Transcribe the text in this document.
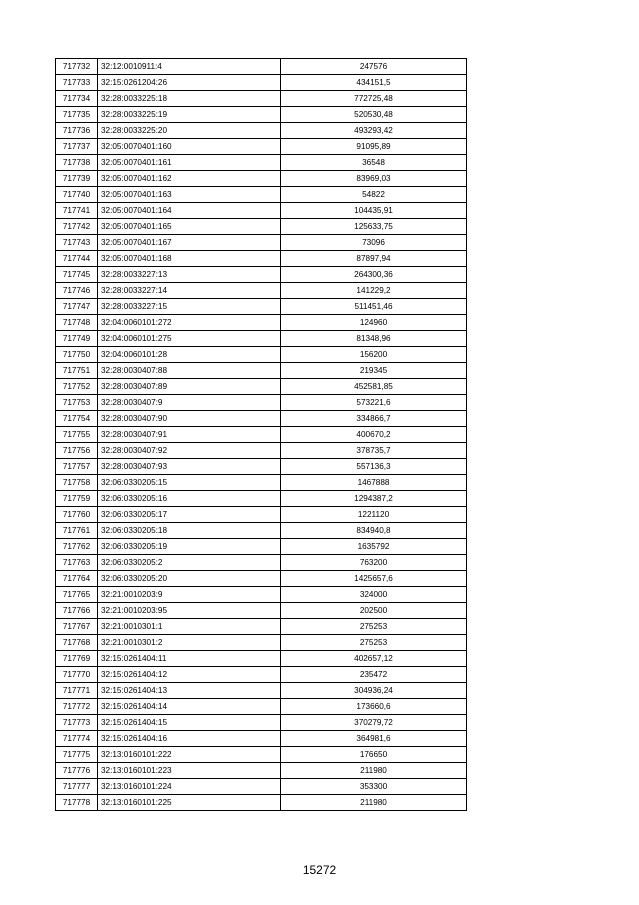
717732	32:12:0010911:4	247576
717733	32:15:0261204:26	434151,5
717734	32:28:0033225:18	772725,48
717735	32:28:0033225:19	520530,48
717736	32:28:0033225:20	493293,42
717737	32:05:0070401:160	91095,89
717738	32:05:0070401:161	36548
717739	32:05:0070401:162	83969,03
717740	32:05:0070401:163	54822
717741	32:05:0070401:164	104435,91
717742	32:05:0070401:165	125633,75
717743	32:05:0070401:167	73096
717744	32:05:0070401:168	87897,94
717745	32:28:0033227:13	264300,36
717746	32:28:0033227:14	141229,2
717747	32:28:0033227:15	511451,46
717748	32:04:0060101:272	124960
717749	32:04:0060101:275	81348,96
717750	32:04:0060101:28	156200
717751	32:28:0030407:88	219345
717752	32:28:0030407:89	452581,85
717753	32:28:0030407:9	573221,6
717754	32:28:0030407:90	334866,7
717755	32:28:0030407:91	400670,2
717756	32:28:0030407:92	378735,7
717757	32:28:0030407:93	557136,3
717758	32:06:0330205:15	1467888
717759	32:06:0330205:16	1294387,2
717760	32:06:0330205:17	1221120
717761	32:06:0330205:18	834940,8
717762	32:06:0330205:19	1635792
717763	32:06:0330205:2	763200
717764	32:06:0330205:20	1425657,6
717765	32:21:0010203:9	324000
717766	32:21:0010203:95	202500
717767	32:21:0010301:1	275253
717768	32:21:0010301:2	275253
717769	32:15:0261404:11	402657,12
717770	32:15:0261404:12	235472
717771	32:15:0261404:13	304936,24
717772	32:15:0261404:14	173660,6
717773	32:15:0261404:15	370279,72
717774	32:15:0261404:16	364981,6
717775	32:13:0160101:222	176650
717776	32:13:0160101:223	211980
717777	32:13:0160101:224	353300
717778	32:13:0160101:225	211980
15272
